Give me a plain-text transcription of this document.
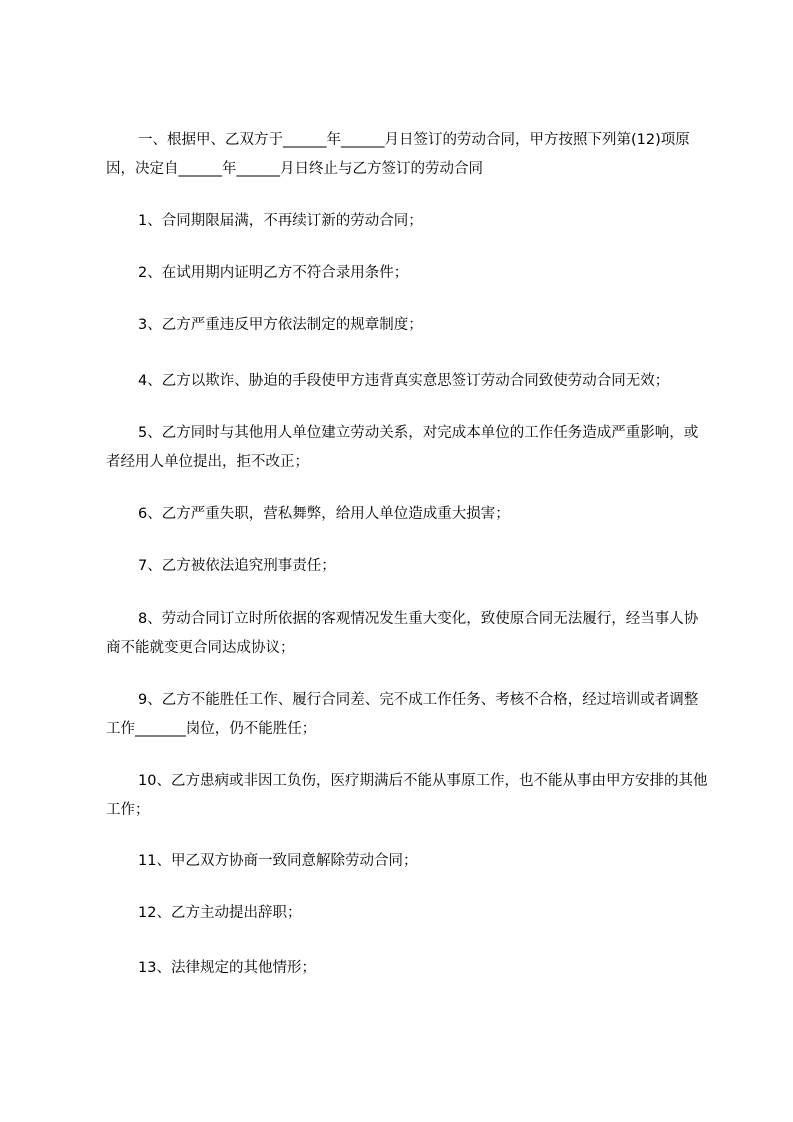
一、根据甲、乙双方于______年______月日签订的劳动合同，甲方按照下列第(12)项原因，决定自______年______月日终止与乙方签订的劳动合同

1、合同期限届满，不再续订新的劳动合同；

2、在试用期内证明乙方不符合录用条件；

3、乙方严重违反甲方依法制定的规章制度；

4、乙方以欺诈、胁迫的手段使甲方违背真实意思签订劳动合同致使劳动合同无效；

5、乙方同时与其他用人单位建立劳动关系，对完成本单位的工作任务造成严重影响，或者经用人单位提出，拒不改正；

6、乙方严重失职，营私舞弊，给用人单位造成重大损害；

7、乙方被依法追究刑事责任；

8、劳动合同订立时所依据的客观情况发生重大变化，致使原合同无法履行，经当事人协商不能就变更合同达成协议；

9、乙方不能胜任工作、履行合同差、完不成工作任务、考核不合格，经过培训或者调整工作_______岗位，仍不能胜任；

10、乙方患病或非因工负伤，医疗期满后不能从事原工作，也不能从事由甲方安排的其他工作；

11、甲乙双方协商一致同意解除劳动合同；

12、乙方主动提出辞职；

13、法律规定的其他情形；
